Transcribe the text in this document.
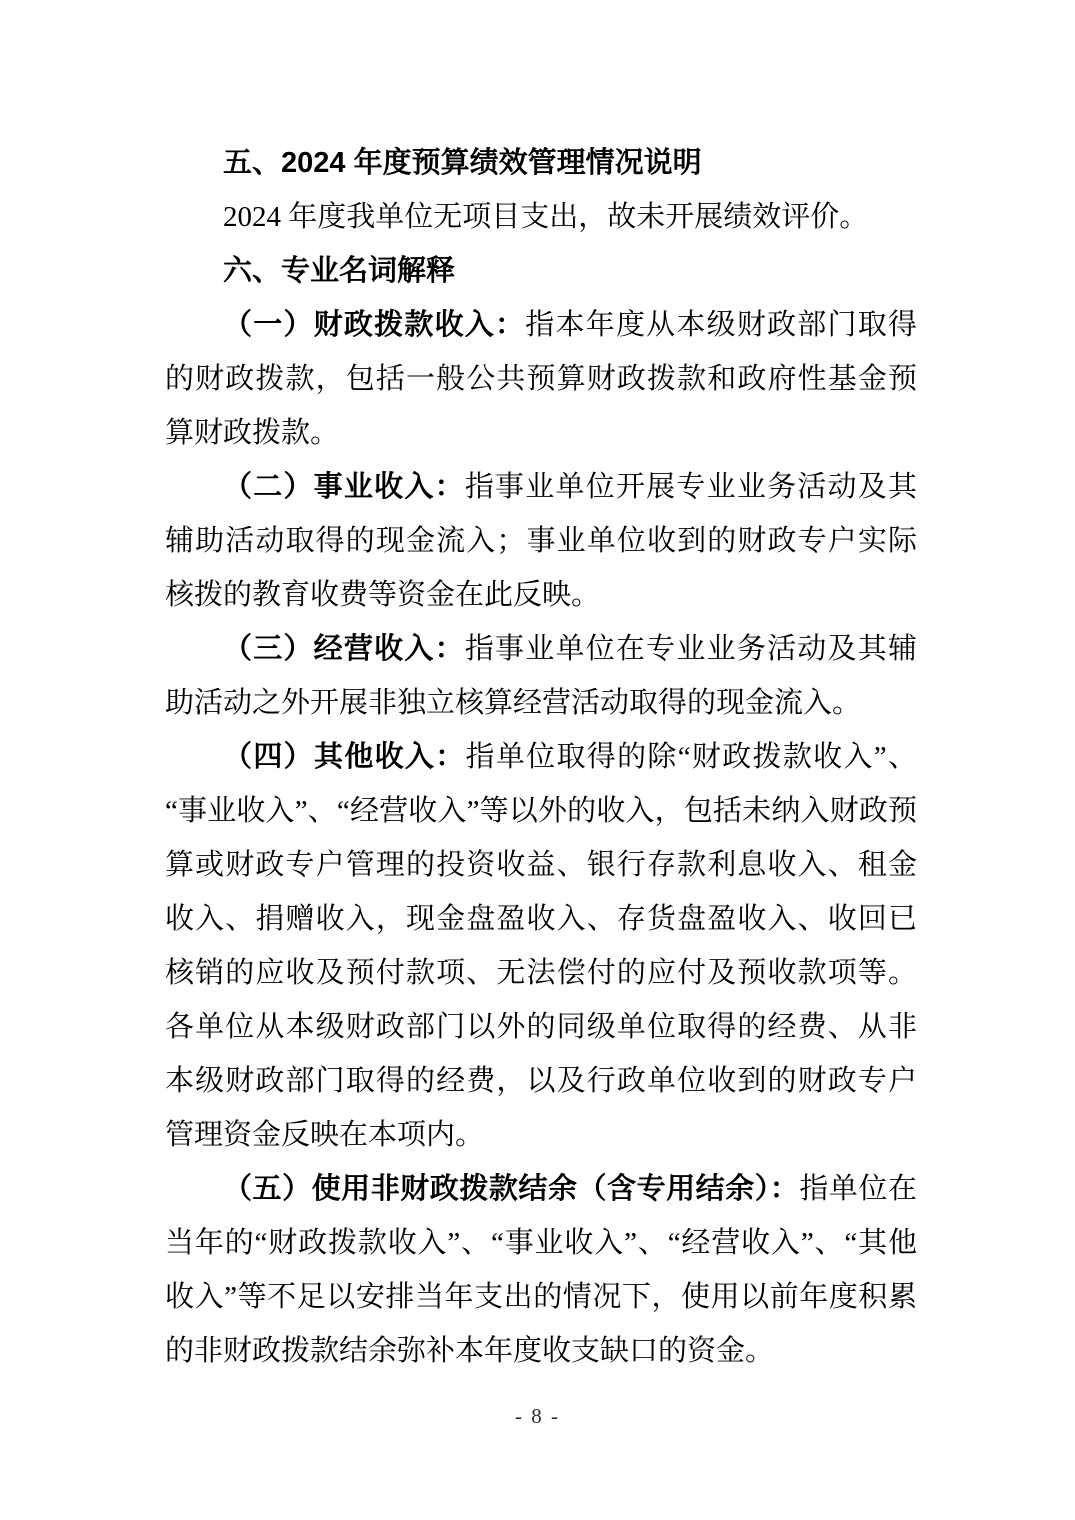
五、2024 年度预算绩效管理情况说明

2024 年度我单位无项目支出，故未开展绩效评价。

六、专业名词解释

（一）财政拨款收入：指本年度从本级财政部门取得的财政拨款，包括一般公共预算财政拨款和政府性基金预算财政拨款。

（二）事业收入：指事业单位开展专业业务活动及其辅助活动取得的现金流入；事业单位收到的财政专户实际核拨的教育收费等资金在此反映。

（三）经营收入：指事业单位在专业业务活动及其辅助活动之外开展非独立核算经营活动取得的现金流入。

（四）其他收入：指单位取得的除“财政拨款收入”、“事业收入”、“经营收入”等以外的收入，包括未纳入财政预算或财政专户管理的投资收益、银行存款利息收入、租金收入、捐赠收入，现金盘盈收入、存货盘盈收入、收回已核销的应收及预付款项、无法偿付的应付及预收款项等。各单位从本级财政部门以外的同级单位取得的经费、从非本级财政部门取得的经费，以及行政单位收到的财政专户管理资金反映在本项内。

（五）使用非财政拨款结余（含专用结余）：指单位在当年的“财政拨款收入”、“事业收入”、“经营收入”、“其他收入”等不足以安排当年支出的情况下，使用以前年度积累的非财政拨款结余弥补本年度收支缺口的资金。

- 8 -
